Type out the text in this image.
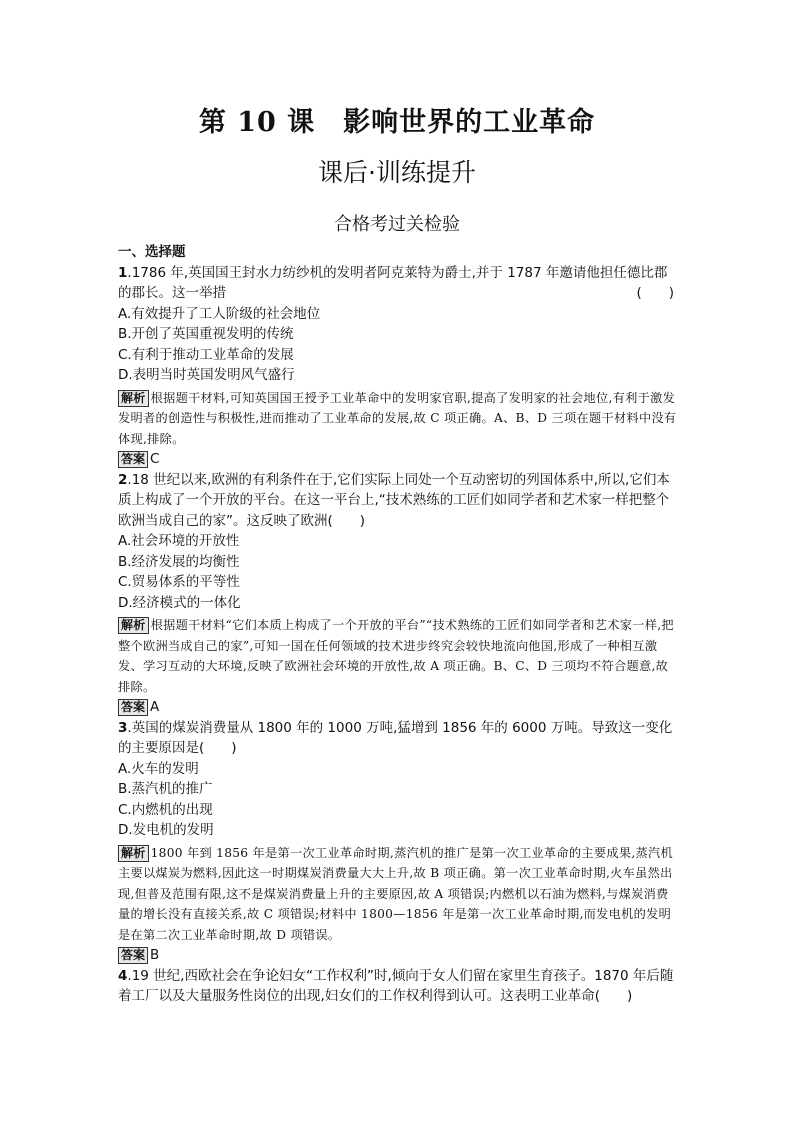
第 10 课　影响世界的工业革命
课后·训练提升
合格考过关检验
一、选择题
1.1786 年,英国国王封水力纺纱机的发明者阿克莱特为爵士,并于 1787 年邀请他担任德比郡
的郡长。这一举措	(　　)
A.有效提升了工人阶级的社会地位
B.开创了英国重视发明的传统
C.有利于推动工业革命的发展
D.表明当时英国发明风气盛行
解析 根据题干材料,可知英国国王授予工业革命中的发明家官职,提高了发明家的社会地位,有利于激发发明者的创造性与积极性,进而推动了工业革命的发展,故 C 项正确。A、B、D 三项在题干材料中没有体现,排除。
答案 C
2.18 世纪以来,欧洲的有利条件在于,它们实际上同处一个互动密切的列国体系中,所以,它们本质上构成了一个开放的平台。在这一平台上,“技术熟练的工匠们如同学者和艺术家一样把整个欧洲当成自己的家”。这反映了欧洲(　　)
A.社会环境的开放性
B.经济发展的均衡性
C.贸易体系的平等性
D.经济模式的一体化
解析 根据题干材料“它们本质上构成了一个开放的平台”“技术熟练的工匠们如同学者和艺术家一样,把整个欧洲当成自己的家”,可知一国在任何领域的技术进步终究会较快地流向他国,形成了一种相互激发、学习互动的大环境,反映了欧洲社会环境的开放性,故 A 项正确。B、C、D 三项均不符合题意,故排除。
答案 A
3.英国的煤炭消费量从 1800 年的 1000 万吨,猛增到 1856 年的 6000 万吨。导致这一变化的主要原因是(　　)
A.火车的发明
B.蒸汽机的推广
C.内燃机的出现
D.发电机的发明
解析 1800 年到 1856 年是第一次工业革命时期,蒸汽机的推广是第一次工业革命的主要成果,蒸汽机主要以煤炭为燃料,因此这一时期煤炭消费量大大上升,故 B 项正确。第一次工业革命时期,火车虽然出现,但普及范围有限,这不是煤炭消费量上升的主要原因,故 A 项错误;内燃机以石油为燃料,与煤炭消费量的增长没有直接关系,故 C 项错误;材料中 1800—1856 年是第一次工业革命时期,而发电机的发明是在第二次工业革命时期,故 D 项错误。
答案 B
4.19 世纪,西欧社会在争论妇女“工作权利”时,倾向于女人们留在家里生育孩子。1870 年后随着工厂以及大量服务性岗位的出现,妇女们的工作权利得到认可。这表明工业革命(　　)
